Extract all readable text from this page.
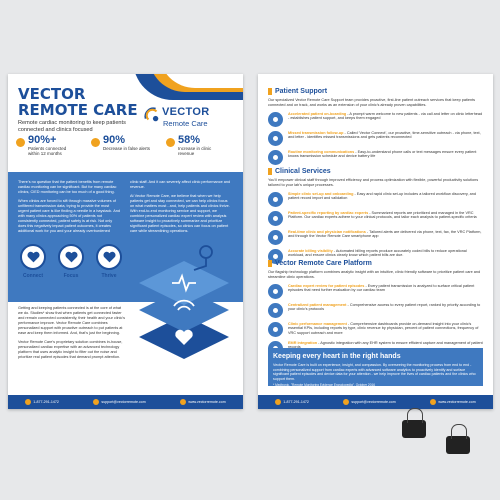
VECTOR REMOTE CARE
Remote cardiac monitoring to keep patients connected and clinics focused
VECTOR
Remote Care
90%+
Patients connected within 12 months
90%
Decrease in false alerts
58%
Increase in clinic revenue

There’s no question that the patient benefits from remote cardiac monitoring can be significant. But for many cardiac clinics, CIED monitoring can be too much of a good thing.

When clinics are forced to sift through massive volumes of unfiltered transmission data, trying to provide the most urgent patient care is like finding a needle in a haystack. And with many clinics approaching 50% of patients not consistently connected, patient safety is at risk. Not only does this negatively impact patient outcomes, it creates additional work for you and your already overburdened

clinic staff. And it can severely affect clinic performance and revenue.

At Vector Remote Care, we believe that when we help patients get and stay connected, we can help clinics focus on what matters most - and, help patients and clinics thrive. With end-to-end monitoring service and support, we combine personalized cardiac expert review with analysis software insight to proactively summarize and prioritize significant patient episodes, so clinics can focus on patient care while streamlining operations.

Connect	Focus	Thrive

Getting and keeping patients connected is at the core of what we do. Studies* show that when patients get connected faster and remain connected consistently, their health and your clinic’s performance improve. Vector Remote Care combines personalized support with proactive outreach to put patients at ease and keep them informed. And, that’s just the beginning.

Vector Remote Care’s proprietary solution combines in-house, personalized cardiac expertise with an advanced technology platform that uses analytic insight to filter out the noise and prioritize real patient episodes that demand prompt attention.

1-877-291-1472	support@vectorremote.com	www.vectorremote.com
Patient Support
Our specialized Vector Remote Care Support team provides proactive, first-line patient outreach services that keep patients connected and on track, and works as an extension of your clinic’s already proven capabilities.
Accelerated patient on-boarding - A prompt warm welcome to new patients - via call and letter on clinic letterhead - establishes patient support, and keeps them engaged
Missed transmission follow-up - Called ‘Vector Connect’, our proactive, time-sensitive outreach - via phone, text, and letter - identifies missed transmissions and gets patients reconnected
Routine monitoring communications - Easy-to-understand phone calls or text messages ensure every patient knows transmission schedule and device battery life
Clinical Services
You’ll empower clinical staff through improved efficiency and process optimization with flexible, powerful productivity solutions tailored to your lab’s unique processes.
Simple clinic set-up and onboarding - Easy and rapid clinic set-up includes a tailored workflow discovery, and patient record import and validation
Patient-specific reporting by cardiac experts - Summarized reports are prioritized and managed in the VRC Platform. Our cardiac experts adhere to your clinical protocols, and tailor each analysis to patient-specific criteria
Real-time clinic and physician notifications - Tailored alerts are delivered via phone, text, fax, the VRC Platform, and through the Vector Remote Care smartphone app
Accurate billing visibility - Automated billing reports produce accurately coded bills to reduce operational workload, and ensure clinics clearly know which patient bills are due.
Vector Remote Care Platform
Our flagship technology platform combines analytic insight with an intuitive, clinic friendly software to prioritize patient care and streamline clinic operations.
Cardiac expert review for patient episodes - Every patient transmission is analyzed to surface critical patient episodes that need further evaluation by our cardiac team
Centralized patient management - Comprehensive access to every patient report, ranked by priority according to your clinic’s protocols
Clinic performance management - Comprehensive dashboards provide on-demand insight into your clinic’s essential KPIs, including reports by type, clinic revenue by physician, percent of patient connections, frequency of VRC support outreach and more
EMR integration - Agnostic integration with any EHR system to ensure efficient capture and management of patient
Keeping every heart in the right hands
Vector Remote Care is built on experience, insight, and compassion. By overseeing the monitoring process from end to end - combining personalized support from cardiac experts with advanced software analytics to proactively identify and surface significant patient episodes and device data for your attention - we help improve the lives of cardiac patients and the clinics who support them.
* Medtronic, "Remote Monitoring Evidence Encyclopedia", October 2016
1-877-291-1472	support@vectorremote.com	www.vectorremote.com
